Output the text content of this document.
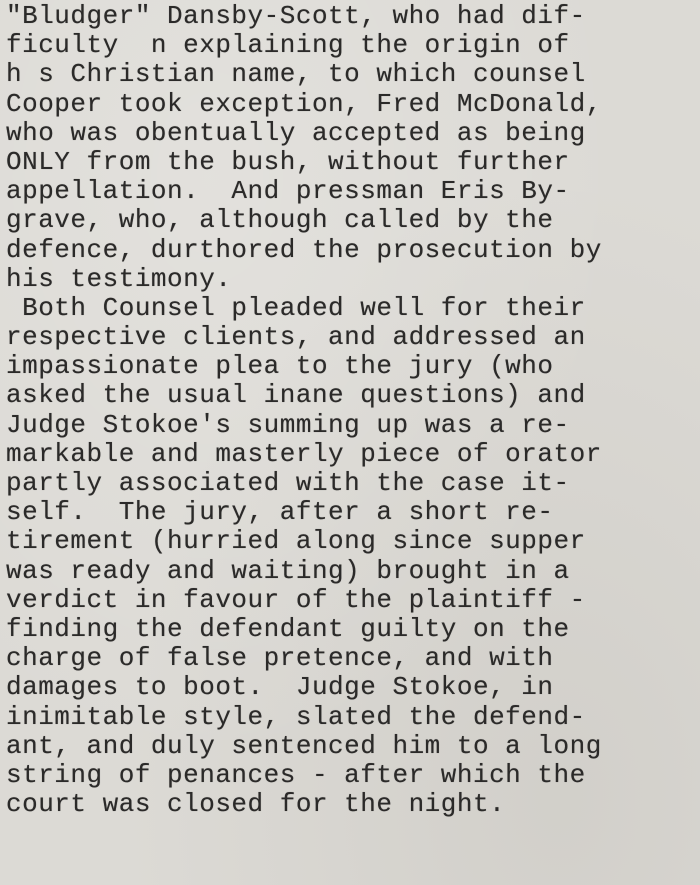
"Bludger" Dansby-Scott, who had dif-
ficulty  n explaining the origin of
h s Christian name, to which counsel
Cooper took exception, Fred McDonald,
who was obentually accepted as being
ONLY from the bush, without further
appellation.  And pressman Eris By-
grave, who, although called by the
defence, durthored the prosecution by
his testimony.
Both Counsel pleaded well for their
respective clients, and addressed an
impassionate plea to the jury (who
asked the usual inane questions) and
Judge Stokoe's summing up was a re-
markable and masterly piece of orator
partly associated with the case it-
self.  The jury, after a short re-
tirement (hurried along since supper
was ready and waiting) brought in a
verdict in favour of the plaintiff -
finding the defendant guilty on the
charge of false pretence, and with
damages to boot.  Judge Stokoe, in
inimitable style, slated the defend-
ant, and duly sentenced him to a long
string of penances - after which the
court was closed for the night.
